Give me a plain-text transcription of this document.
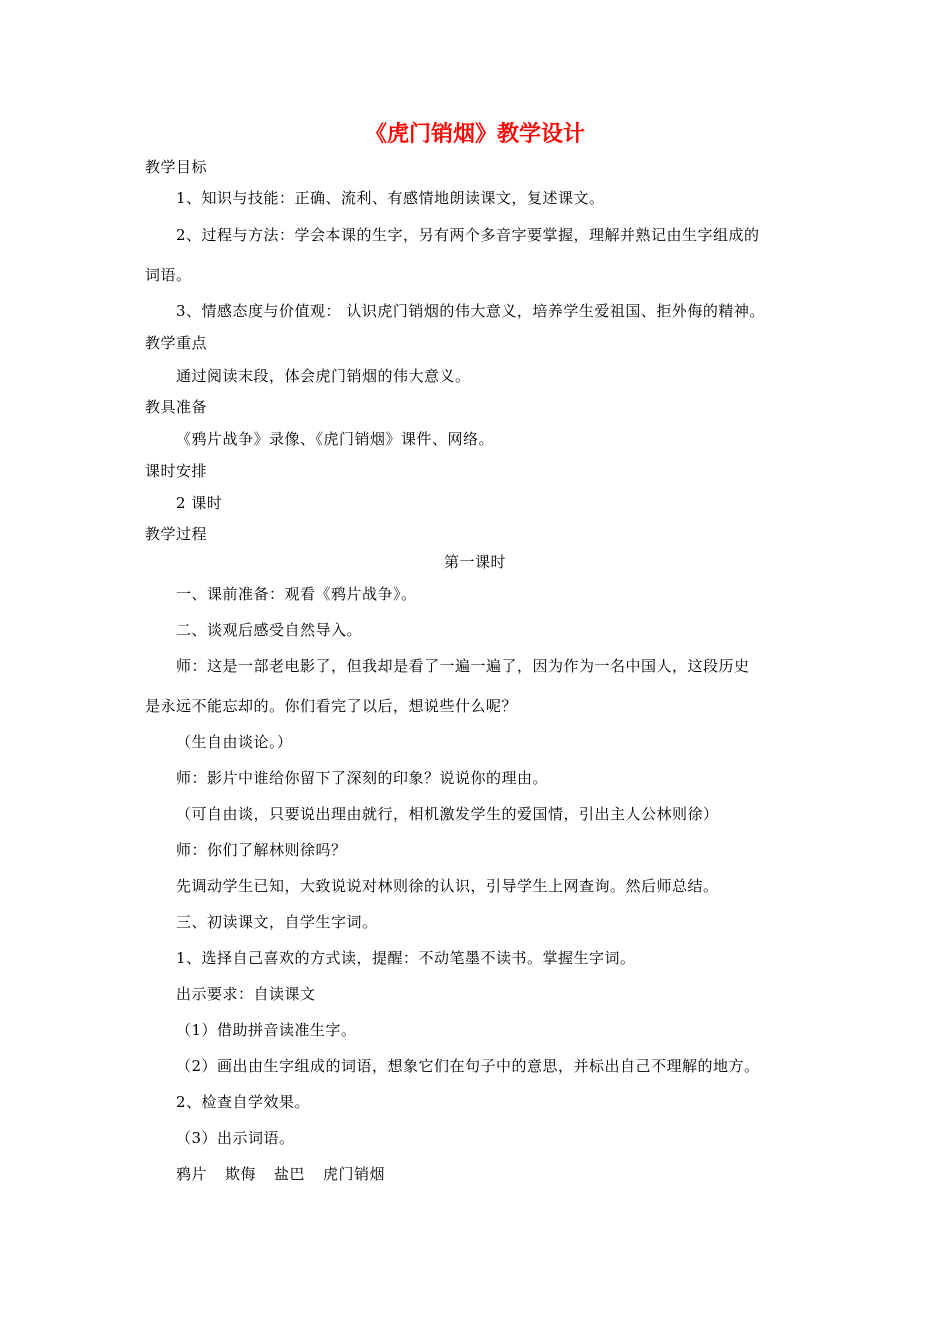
《虎门销烟》教学设计
教学目标
1、知识与技能：正确、流利、有感情地朗读课文，复述课文。
2、过程与方法：学会本课的生字，另有两个多音字要掌握，理解并熟记由生字组成的
词语。
3、情感态度与价值观： 认识虎门销烟的伟大意义，培养学生爱祖国、拒外侮的精神。
教学重点
通过阅读末段，体会虎门销烟的伟大意义。
教具准备
《鸦片战争》录像、《虎门销烟》课件、网络。
课时安排
2 课时
教学过程
第一课时
一、课前准备：观看《鸦片战争》。
二、谈观后感受自然导入。
师：这是一部老电影了，但我却是看了一遍一遍了，因为作为一名中国人，这段历史
是永远不能忘却的。你们看完了以后，想说些什么呢？
（生自由谈论。）
师：影片中谁给你留下了深刻的印象？说说你的理由。
（可自由谈，只要说出理由就行，相机激发学生的爱国情，引出主人公林则徐）
师：你们了解林则徐吗？
先调动学生已知，大致说说对林则徐的认识，引导学生上网查询。然后师总结。
三、初读课文，自学生字词。
1、选择自己喜欢的方式读，提醒：不动笔墨不读书。掌握生字词。
出示要求：自读课文
（1）借助拼音读准生字。
（2）画出由生字组成的词语，想象它们在句子中的意思，并标出自己不理解的地方。
2、检查自学效果。
（3）出示词语。
鸦片 欺侮 盐巴 虎门销烟
